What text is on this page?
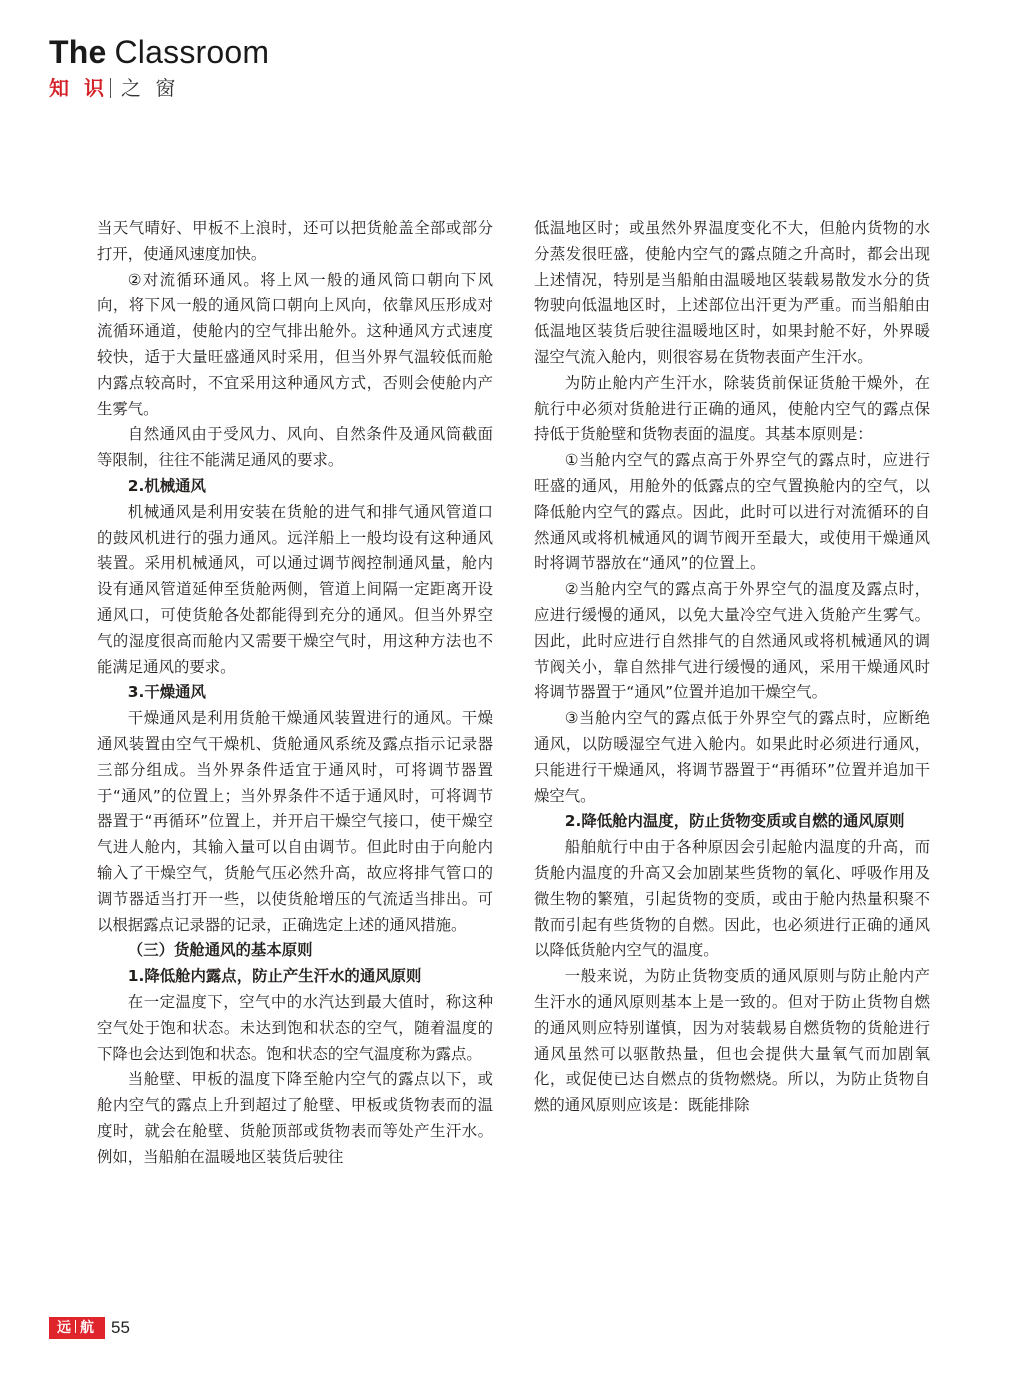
The Classroom
知 识 之 窗

当天气晴好、甲板不上浪时，还可以把货舱盖全部或部分打开，使通风速度加快。

②对流循环通风。将上风一般的通风筒口朝向下风向，将下风一般的通风筒口朝向上风向，依靠风压形成对流循环通道，使舱内的空气排出舱外。这种通风方式速度较快，适于大量旺盛通风时采用，但当外界气温较低而舱内露点较高时，不宜采用这种通风方式，否则会使舱内产生雾气。

自然通风由于受风力、风向、自然条件及通风筒截面等限制，往往不能满足通风的要求。

2.机械通风

机械通风是利用安装在货舱的进气和排气通风管道口的鼓风机进行的强力通风。远洋船上一般均设有这种通风装置。采用机械通风，可以通过调节阀控制通风量，舱内设有通风管道延伸至货舱两侧，管道上间隔一定距离开设通风口，可使货舱各处都能得到充分的通风。但当外界空气的湿度很高而舱内又需要干燥空气时，用这种方法也不能满足通风的要求。

3.干燥通风

干燥通风是利用货舱干燥通风装置进行的通风。干燥通风装置由空气干燥机、货舱通风系统及露点指示记录器三部分组成。当外界条件适宜于通风时，可将调节器置于“通风”的位置上；当外界条件不适于通风时，可将调节器置于“再循环”位置上，并开启干燥空气接口，使干燥空气进人舱内，其输入量可以自由调节。但此时由于向舱内输入了干燥空气，货舱气压必然升高，故应将排气管口的调节器适当打开一些，以使货舱增压的气流适当排出。可以根据露点记录器的记录，正确选定上述的通风措施。

（三）货舱通风的基本原则

1.降低舱内露点，防止产生汗水的通风原则

在一定温度下，空气中的水汽达到最大值时，称这种空气处于饱和状态。未达到饱和状态的空气，随着温度的下降也会达到饱和状态。饱和状态的空气温度称为露点。

当舱壁、甲板的温度下降至舱内空气的露点以下，或舱内空气的露点上升到超过了舱壁、甲板或货物表而的温度时，就会在舱壁、货舱顶部或货物表而等处产生汗水。例如，当船舶在温暖地区装货后驶往

低温地区时；或虽然外界温度变化不大，但舱内货物的水分蒸发很旺盛，使舱内空气的露点随之升高时，都会出现上述情况，特别是当船舶由温暖地区装载易散发水分的货物驶向低温地区时，上述部位出汗更为严重。而当船舶由低温地区装货后驶往温暖地区时，如果封舱不好，外界暖湿空气流入舱内，则很容易在货物表面产生汗水。

为防止舱内产生汗水，除装货前保证货舱干燥外，在航行中必须对货舱进行正确的通风，使舱内空气的露点保持低于货舱壁和货物表面的温度。其基本原则是：

①当舱内空气的露点高于外界空气的露点时，应进行旺盛的通风，用舱外的低露点的空气置换舱内的空气，以降低舱内空气的露点。因此，此时可以进行对流循环的自然通风或将机械通风的调节阀开至最大，或使用干燥通风时将调节器放在“通风”的位置上。

②当舱内空气的露点高于外界空气的温度及露点时，应进行缓慢的通风，以免大量冷空气进入货舱产生雾气。因此，此时应进行自然排气的自然通风或将机械通风的调节阀关小，靠自然排气进行缓慢的通风，采用干燥通风时将调节器置于“通风”位置并追加干燥空气。

③当舱内空气的露点低于外界空气的露点时，应断绝通风，以防暖湿空气进入舱内。如果此时必须进行通风，只能进行干燥通风，将调节器置于“再循环”位置并追加干燥空气。

2.降低舱内温度，防止货物变质或自燃的通风原则

船舶航行中由于各种原因会引起舱内温度的升高，而货舱内温度的升高又会加剧某些货物的氧化、呼吸作用及微生物的繁殖，引起货物的变质，或由于舱内热量积聚不散而引起有些货物的自燃。因此，也必须进行正确的通风以降低货舱内空气的温度。

一般来说，为防止货物变质的通风原则与防止舱内产生汗水的通风原则基本上是一致的。但对于防止货物自燃的通风则应特别谨慎，因为对装载易自燃货物的货舱进行通风虽然可以驱散热量，但也会提供大量氧气而加剧氧化，或促使已达自燃点的货物燃烧。所以，为防止货物自燃的通风原则应该是：既能排除

远 航 55
